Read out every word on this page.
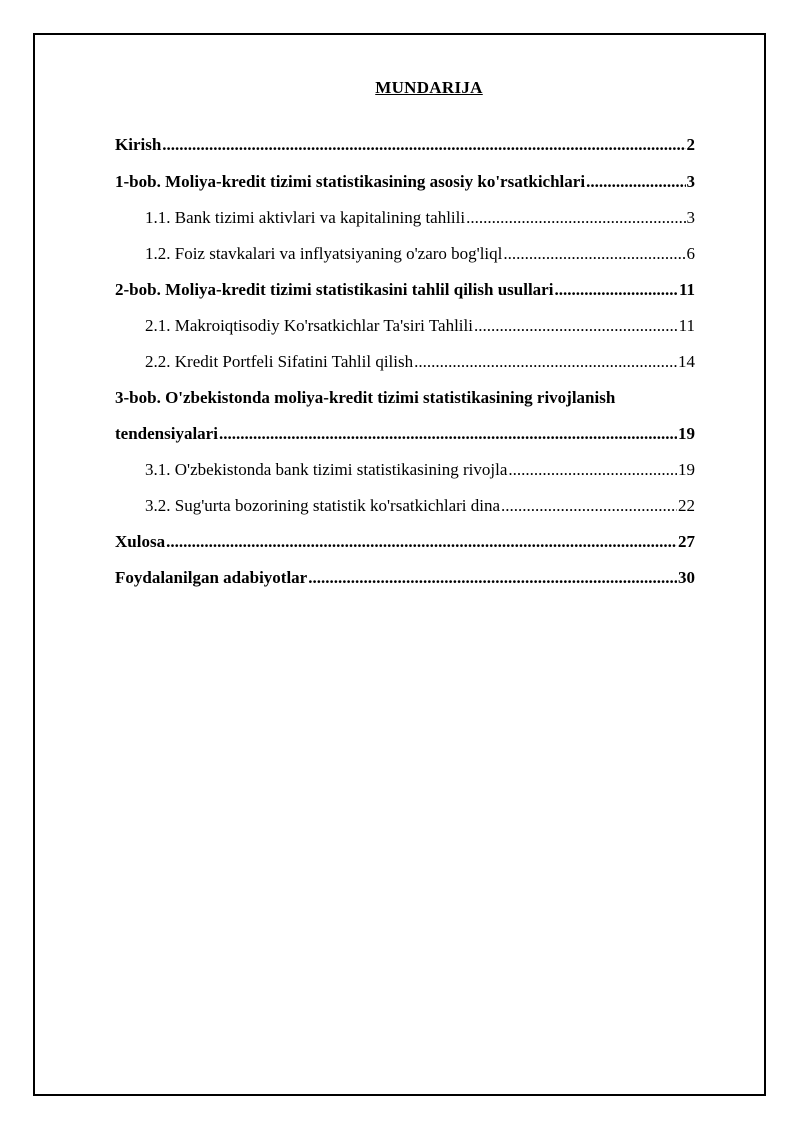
MUNDARIJA
Kirish .....	2
1-bob. Moliya-kredit tizimi statistikasining asosiy ko'rsatkichlari .....	3
1.1. Bank tizimi aktivlari va kapitalining tahlili .....	3
1.2. Foiz stavkalari va inflyatsiyaning o'zaro bog'liql .....	6
2-bob. Moliya-kredit tizimi statistikasini tahlil qilish usullari .....	11
2.1. Makroiqtisodiy Ko'rsatkichlar Ta'siri Tahlili .....	11
2.2. Kredit Portfeli Sifatini Tahlil qilish .....	14
3-bob. O'zbekistonda moliya-kredit tizimi statistikasining rivojlanish
tendensiyalari .....	19
3.1. O'zbekistonda bank tizimi statistikasining rivojla .....	19
3.2. Sug'urta bozorining statistik ko'rsatkichlari dina .....	22
Xulosa .....	27
Foydalanilgan adabiyotlar .....	30
